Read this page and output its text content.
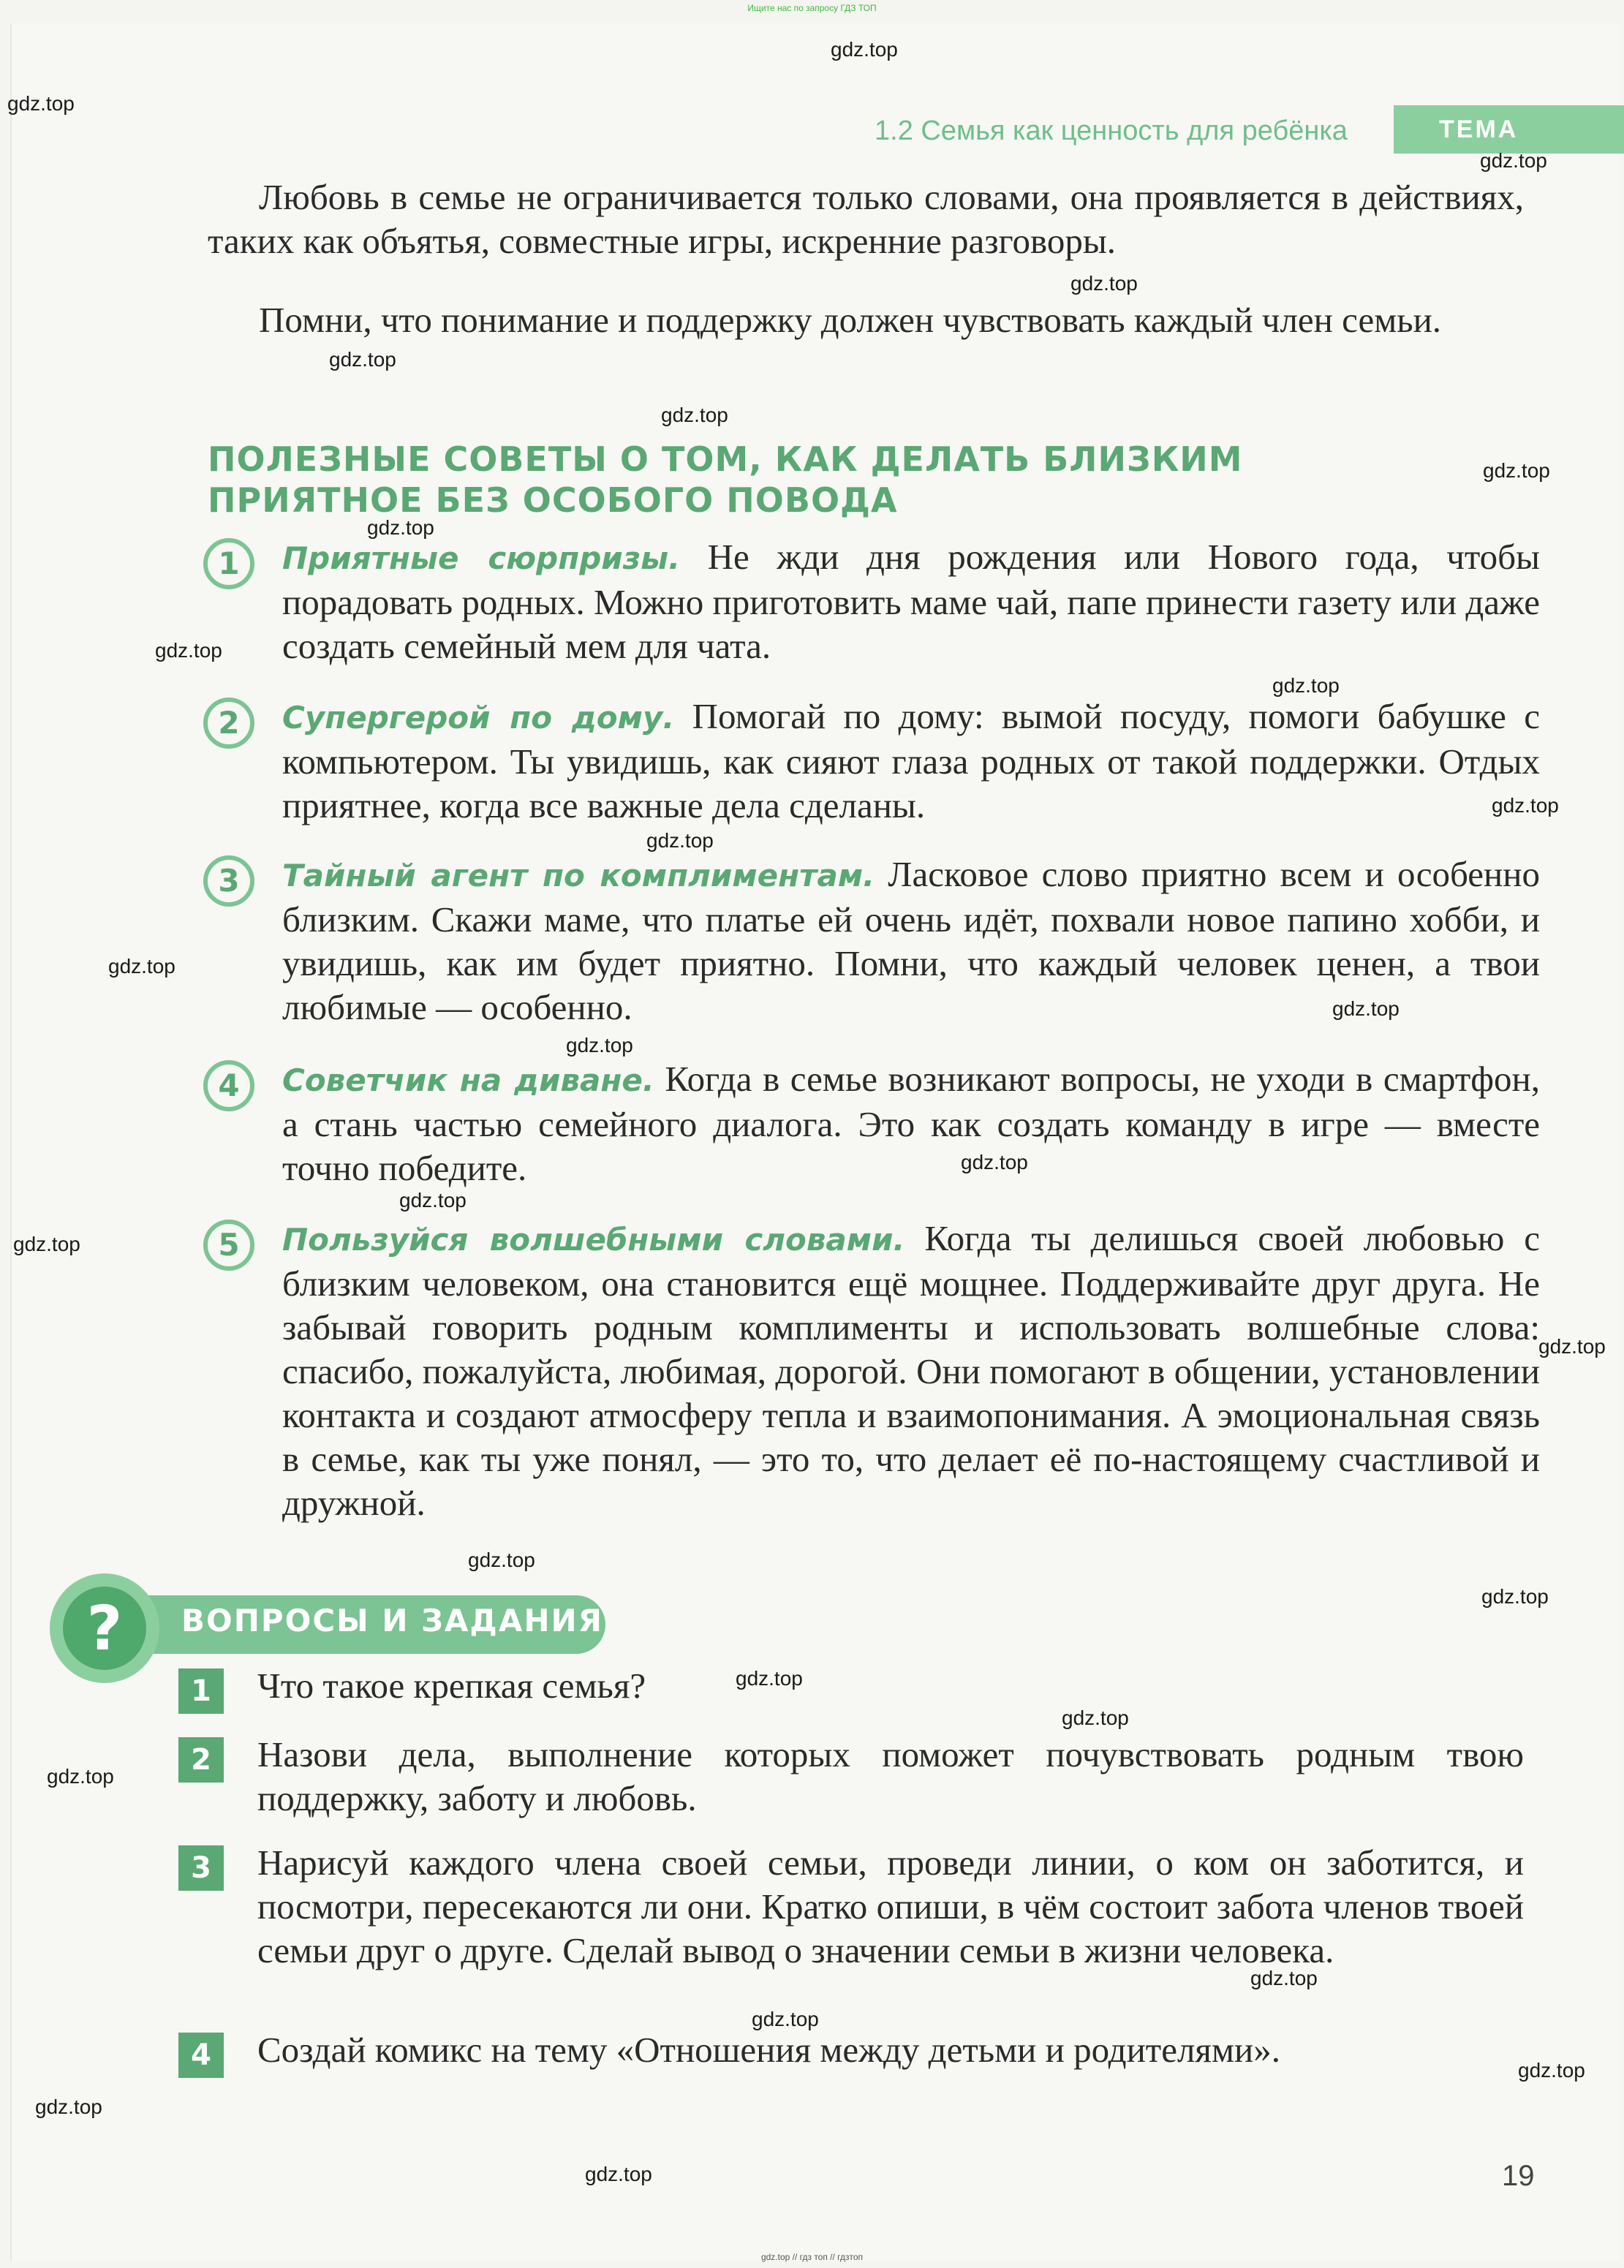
Ищите нас по запросу ГДЗ ТОП
1.2 Семья как ценность для ребёнка	ТЕМА

Любовь в семье не ограничивается только словами, она проявляется в действиях, таких как объятья, совместные игры, искренние разговоры.

Помни, что понимание и поддержку должен чувствовать каждый член семьи.

ПОЛЕЗНЫЕ СОВЕТЫ О ТОМ, КАК ДЕЛАТЬ БЛИЗКИМ ПРИЯТНОЕ БЕЗ ОСОБОГО ПОВОДА
1	Приятные сюрпризы. Не жди дня рождения или Нового года, чтобы порадовать родных. Можно приготовить маме чай, папе принести газету или даже создать семейный мем для чата.

2	Супергерой по дому. Помогай по дому: вымой посуду, помоги бабушке с компьютером. Ты увидишь, как сияют глаза родных от такой поддержки. Отдых приятнее, когда все важные дела сделаны.

3	Тайный агент по комплиментам. Ласковое слово приятно всем и особенно близким. Скажи маме, что платье ей очень идёт, похвали новое папино хобби, и увидишь, как им будет приятно. Помни, что каждый человек ценен, а твои любимые — особенно.

4	Советчик на диване. Когда в семье возникают вопросы, не уходи в смартфон, а стань частью семейного диалога. Это как создать команду в игре — вместе точно победите.

5	Пользуйся волшебными словами. Когда ты делишься своей любовью с близким человеком, она становится ещё мощнее. Поддерживайте друг друга. Не забывай говорить родным комплименты и использовать волшебные слова: спасибо, пожалуйста, любимая, дорогой. Они помогают в общении, установлении контакта и создают атмосферу тепла и взаимопонимания. А эмоциональная связь в семье, как ты уже понял, — это то, что делает её по-настоящему счастливой и дружной.

?	ВОПРОСЫ И ЗАДАНИЯ
1	Что такое крепкая семья?

2	Назови дела, выполнение которых поможет почувствовать родным твою поддержку, заботу и любовь.

3	Нарисуй каждого члена своей семьи, проведи линии, о ком он заботится, и посмотри, пересекаются ли они. Кратко опиши, в чём состоит забота членов твоей семьи друг о друге. Сделай вывод о значении семьи в жизни человека.

4	Создай комикс на тему «Отношения между детьми и родителями».

gdz.top
gdz.top
gdz.top
gdz.top
gdz.top
gdz.top
gdz.top
gdz.top
gdz.top
gdz.top
gdz.top
gdz.top
gdz.top
gdz.top
gdz.top
gdz.top
gdz.top
gdz.top
gdz.top
gdz.top
gdz.top
gdz.top
gdz.top
gdz.top
gdz.top
gdz.top
gdz.top
gdz.top
gdz.top	19
gdz.top // гдз топ // гдзтоп
